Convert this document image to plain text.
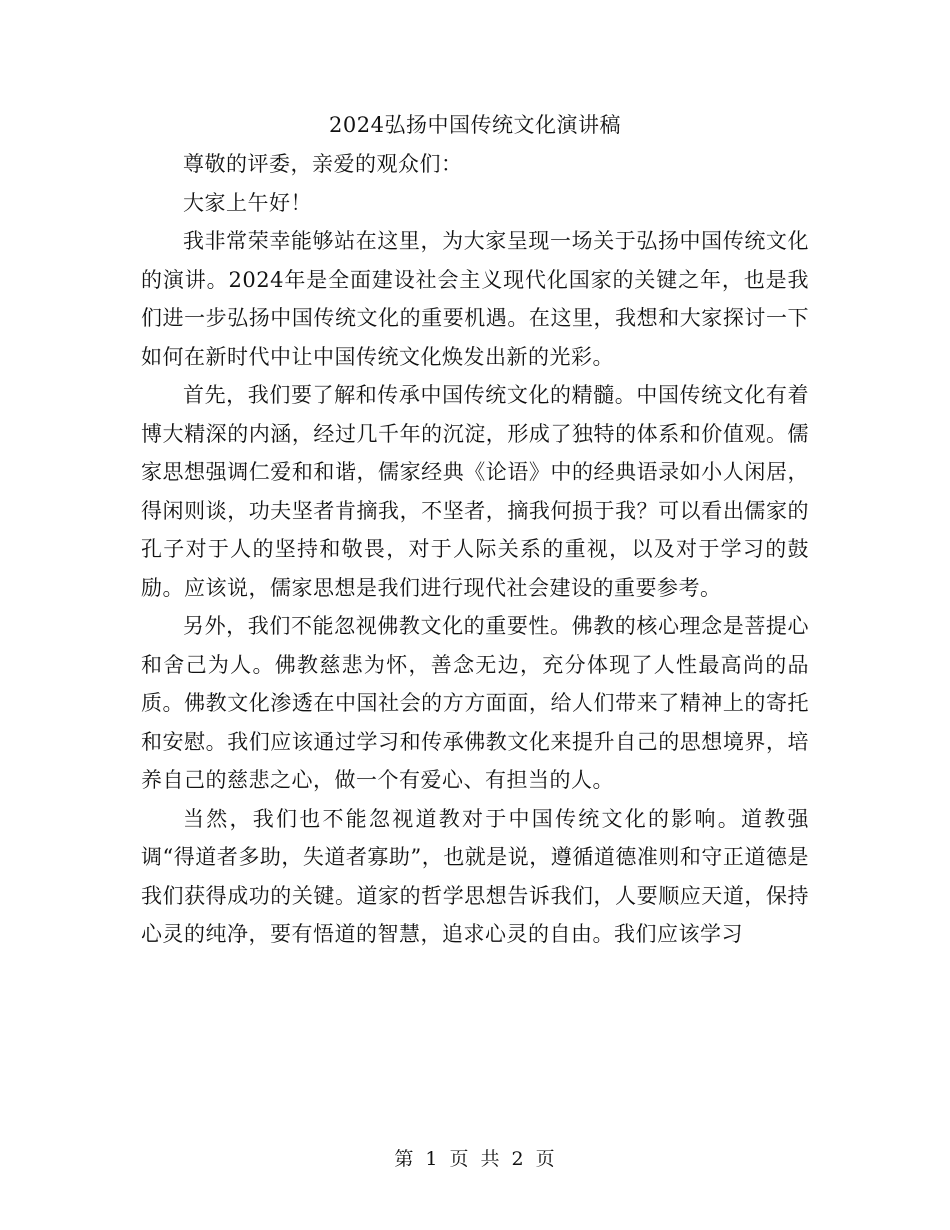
2024弘扬中国传统文化演讲稿

尊敬的评委，亲爱的观众们：

大家上午好！

我非常荣幸能够站在这里，为大家呈现一场关于弘扬中国传统文化的演讲。2024年是全面建设社会主义现代化国家的关键之年，也是我们进一步弘扬中国传统文化的重要机遇。在这里，我想和大家探讨一下如何在新时代中让中国传统文化焕发出新的光彩。

首先，我们要了解和传承中国传统文化的精髓。中国传统文化有着博大精深的内涵，经过几千年的沉淀，形成了独特的体系和价值观。儒家思想强调仁爱和和谐，儒家经典《论语》中的经典语录如小人闲居，得闲则谈，功夫坚者肯摘我，不坚者，摘我何损于我？可以看出儒家的孔子对于人的坚持和敬畏，对于人际关系的重视，以及对于学习的鼓励。应该说，儒家思想是我们进行现代社会建设的重要参考。

另外，我们不能忽视佛教文化的重要性。佛教的核心理念是菩提心和舍己为人。佛教慈悲为怀，善念无边，充分体现了人性最高尚的品质。佛教文化渗透在中国社会的方方面面，给人们带来了精神上的寄托和安慰。我们应该通过学习和传承佛教文化来提升自己的思想境界，培养自己的慈悲之心，做一个有爱心、有担当的人。

当然，我们也不能忽视道教对于中国传统文化的影响。道教强调“得道者多助，失道者寡助”，也就是说，遵循道德准则和守正道德是我们获得成功的关键。道家的哲学思想告诉我们，人要顺应天道，保持心灵的纯净，要有悟道的智慧，追求心灵的自由。我们应该学习

第 1 页 共 2 页
